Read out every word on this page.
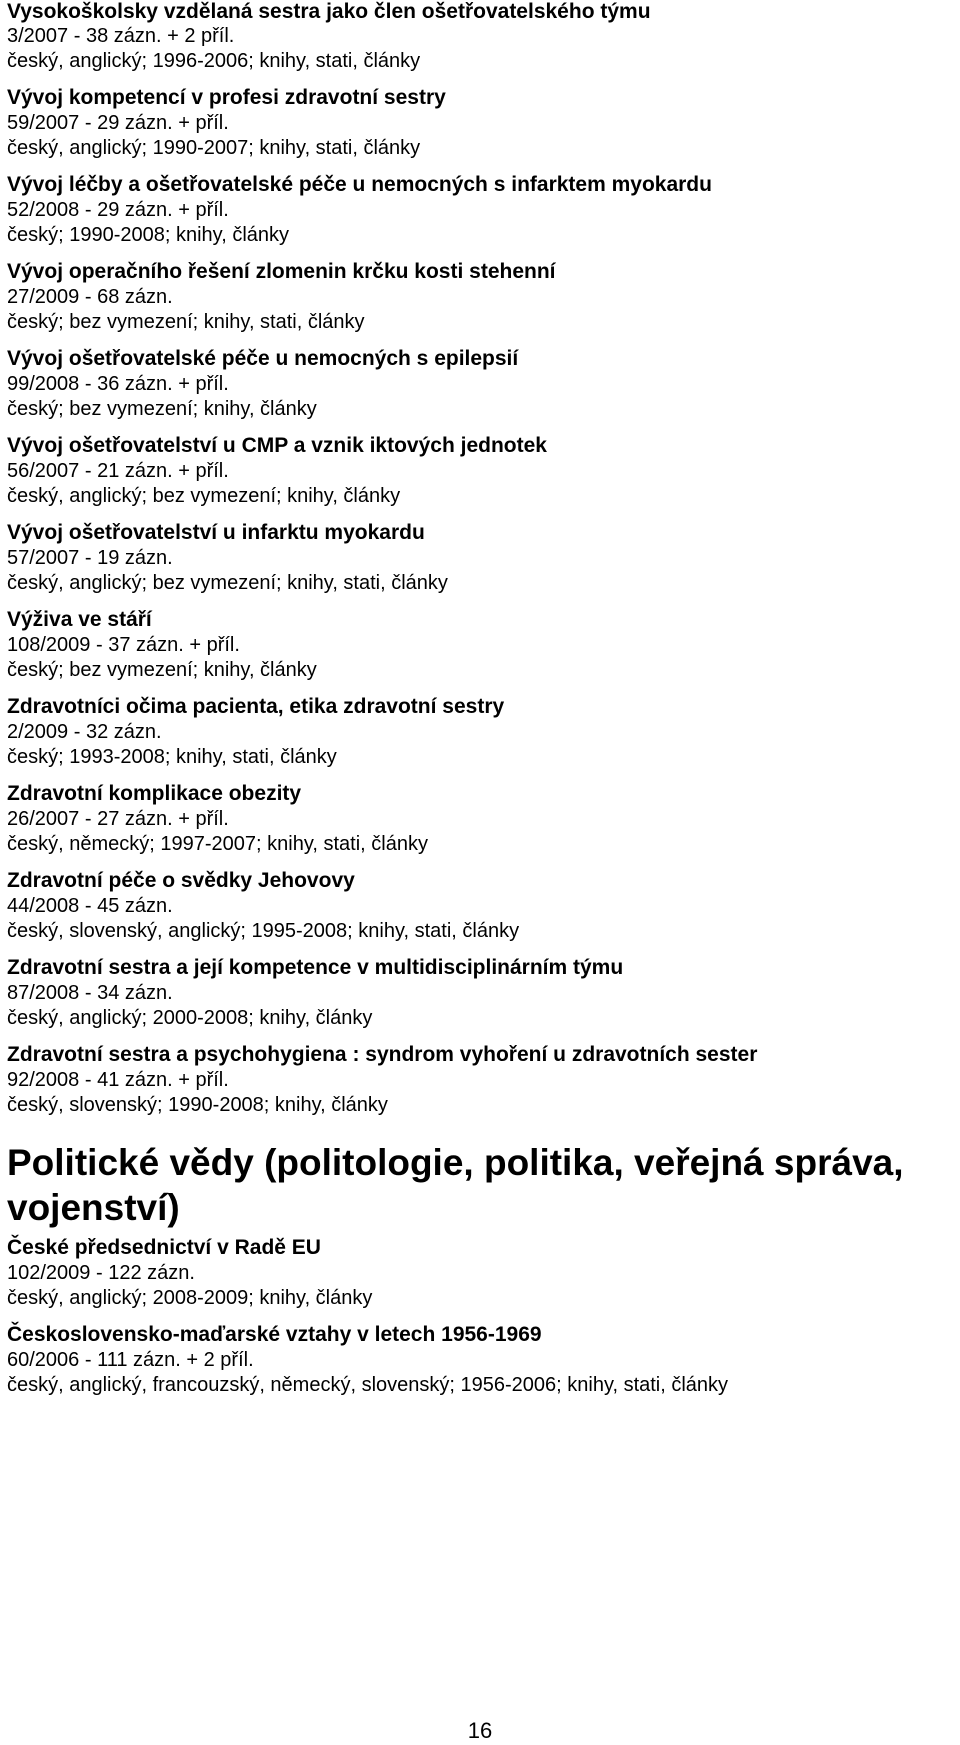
Vysokoškolsky vzdělaná sestra jako člen ošetřovatelského týmu
3/2007 - 38 zázn. + 2 příl.
český, anglický; 1996-2006; knihy, stati, články
Vývoj kompetencí v profesi zdravotní sestry
59/2007 - 29 zázn. + příl.
český, anglický; 1990-2007; knihy, stati, články
Vývoj léčby a ošetřovatelské péče u nemocných s infarktem myokardu
52/2008 - 29 zázn. + příl.
český; 1990-2008; knihy, články
Vývoj operačního řešení zlomenin krčku kosti stehenní
27/2009 - 68 zázn.
český; bez vymezení; knihy, stati, články
Vývoj ošetřovatelské péče u nemocných s epilepsií
99/2008 - 36 zázn. + příl.
český; bez vymezení; knihy, články
Vývoj ošetřovatelství u CMP a vznik iktových jednotek
56/2007 - 21 zázn. + příl.
český, anglický; bez vymezení; knihy, články
Vývoj ošetřovatelství u infarktu myokardu
57/2007 - 19 zázn.
český, anglický; bez vymezení; knihy, stati, články
Výživa ve stáří
108/2009 - 37 zázn. + příl.
český; bez vymezení; knihy, články
Zdravotníci očima pacienta, etika zdravotní sestry
2/2009 - 32 zázn.
český; 1993-2008; knihy, stati, články
Zdravotní komplikace obezity
26/2007 - 27 zázn. + příl.
český, německý; 1997-2007; knihy, stati, články
Zdravotní péče o svědky Jehovovy
44/2008 - 45 zázn.
český, slovenský, anglický; 1995-2008; knihy, stati, články
Zdravotní sestra a její kompetence v multidisciplinárním týmu
87/2008 - 34 zázn.
český, anglický; 2000-2008; knihy, články
Zdravotní sestra a psychohygiena : syndrom vyhoření u zdravotních sester
92/2008 - 41 zázn. + příl.
český, slovenský; 1990-2008; knihy, články
Politické vědy (politologie, politika, veřejná správa,
vojenství)
České předsednictví v Radě EU
102/2009 - 122 zázn.
český, anglický; 2008-2009; knihy, články
Československo-maďarské vztahy v letech 1956-1969
60/2006 - 111 zázn. + 2 příl.
český, anglický, francouzský, německý, slovenský; 1956-2006; knihy, stati, články
16
